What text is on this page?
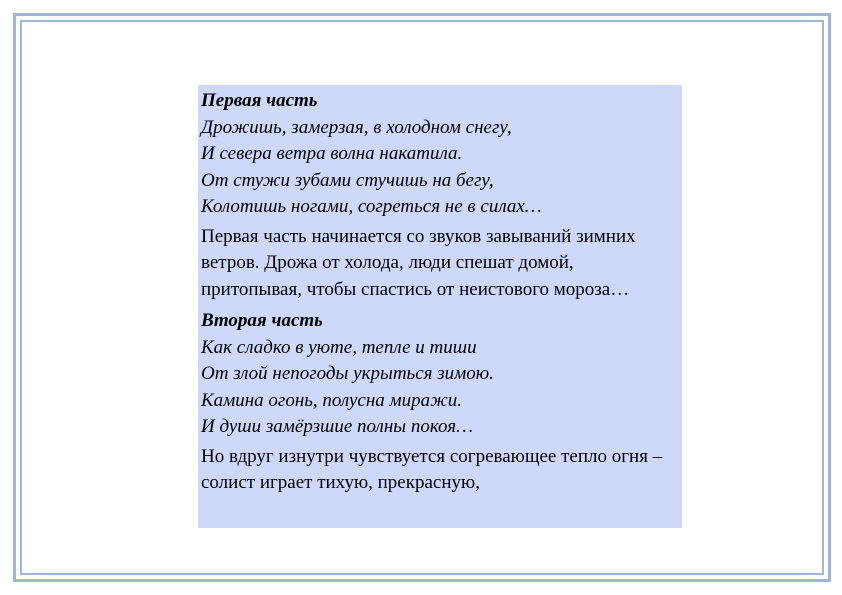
Первая часть
Дрожишь, замерзая, в холодном снегу,
И севера ветра волна накатила.
От стужи зубами стучишь на бегу,
Колотишь ногами, согреться не в силах…

Первая часть начинается со звуков завываний зимних ветров. Дрожа от холода, люди спешат домой, притопывая, чтобы спастись от неистового мороза…

Вторая часть
Как сладко в уюте, тепле и тиши
От злой непогоды укрыться зимою.
Камина огонь, полусна миражи.
И души замёрзшие полны покоя…

Но вдруг изнутри чувствуется согревающее тепло огня – солист играет тихую, прекрасную,
